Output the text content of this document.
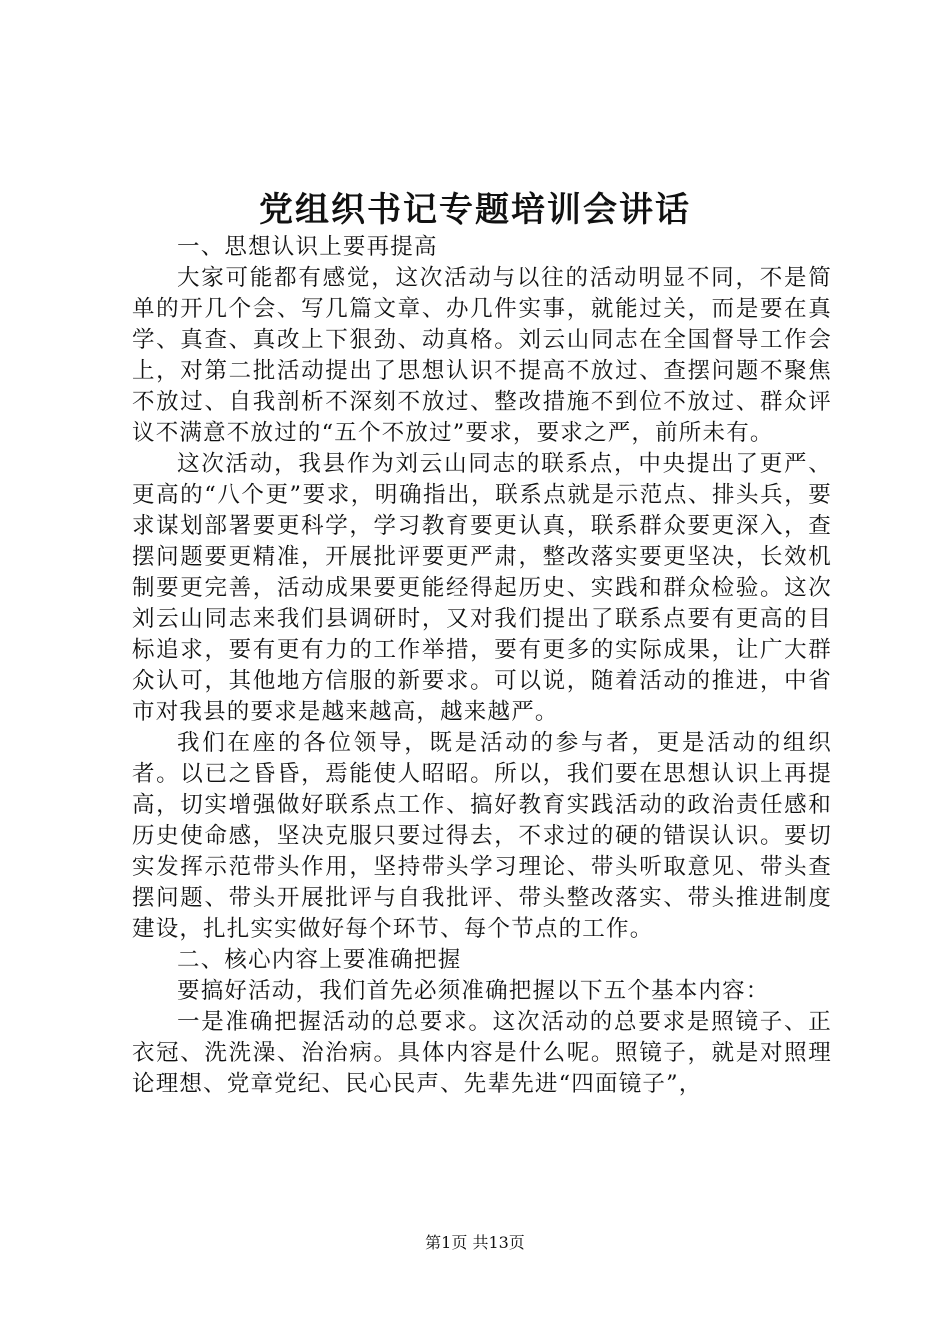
党组织书记专题培训会讲话

一、思想认识上要再提高

大家可能都有感觉，这次活动与以往的活动明显不同，不是简单的开几个会、写几篇文章、办几件实事，就能过关，而是要在真学、真查、真改上下狠劲、动真格。刘云山同志在全国督导工作会上，对第二批活动提出了思想认识不提高不放过、查摆问题不聚焦不放过、自我剖析不深刻不放过、整改措施不到位不放过、群众评议不满意不放过的“五个不放过”要求，要求之严，前所未有。

这次活动，我县作为刘云山同志的联系点，中央提出了更严、更高的“八个更”要求，明确指出，联系点就是示范点、排头兵，要求谋划部署要更科学，学习教育要更认真，联系群众要更深入，查摆问题要更精准，开展批评要更严肃，整改落实要更坚决，长效机制要更完善，活动成果要更能经得起历史、实践和群众检验。这次刘云山同志来我们县调研时，又对我们提出了联系点要有更高的目标追求，要有更有力的工作举措，要有更多的实际成果，让广大群众认可，其他地方信服的新要求。可以说，随着活动的推进，中省市对我县的要求是越来越高，越来越严。

我们在座的各位领导，既是活动的参与者，更是活动的组织者。以已之昏昏，焉能使人昭昭。所以，我们要在思想认识上再提高，切实增强做好联系点工作、搞好教育实践活动的政治责任感和历史使命感，坚决克服只要过得去，不求过的硬的错误认识。要切实发挥示范带头作用，坚持带头学习理论、带头听取意见、带头查摆问题、带头开展批评与自我批评、带头整改落实、带头推进制度建设，扎扎实实做好每个环节、每个节点的工作。

二、核心内容上要准确把握

要搞好活动，我们首先必须准确把握以下五个基本内容：

一是准确把握活动的总要求。这次活动的总要求是照镜子、正衣冠、洗洗澡、治治病。具体内容是什么呢。照镜子，就是对照理论理想、党章党纪、民心民声、先辈先进“四面镜子”，

第1页 共13页
